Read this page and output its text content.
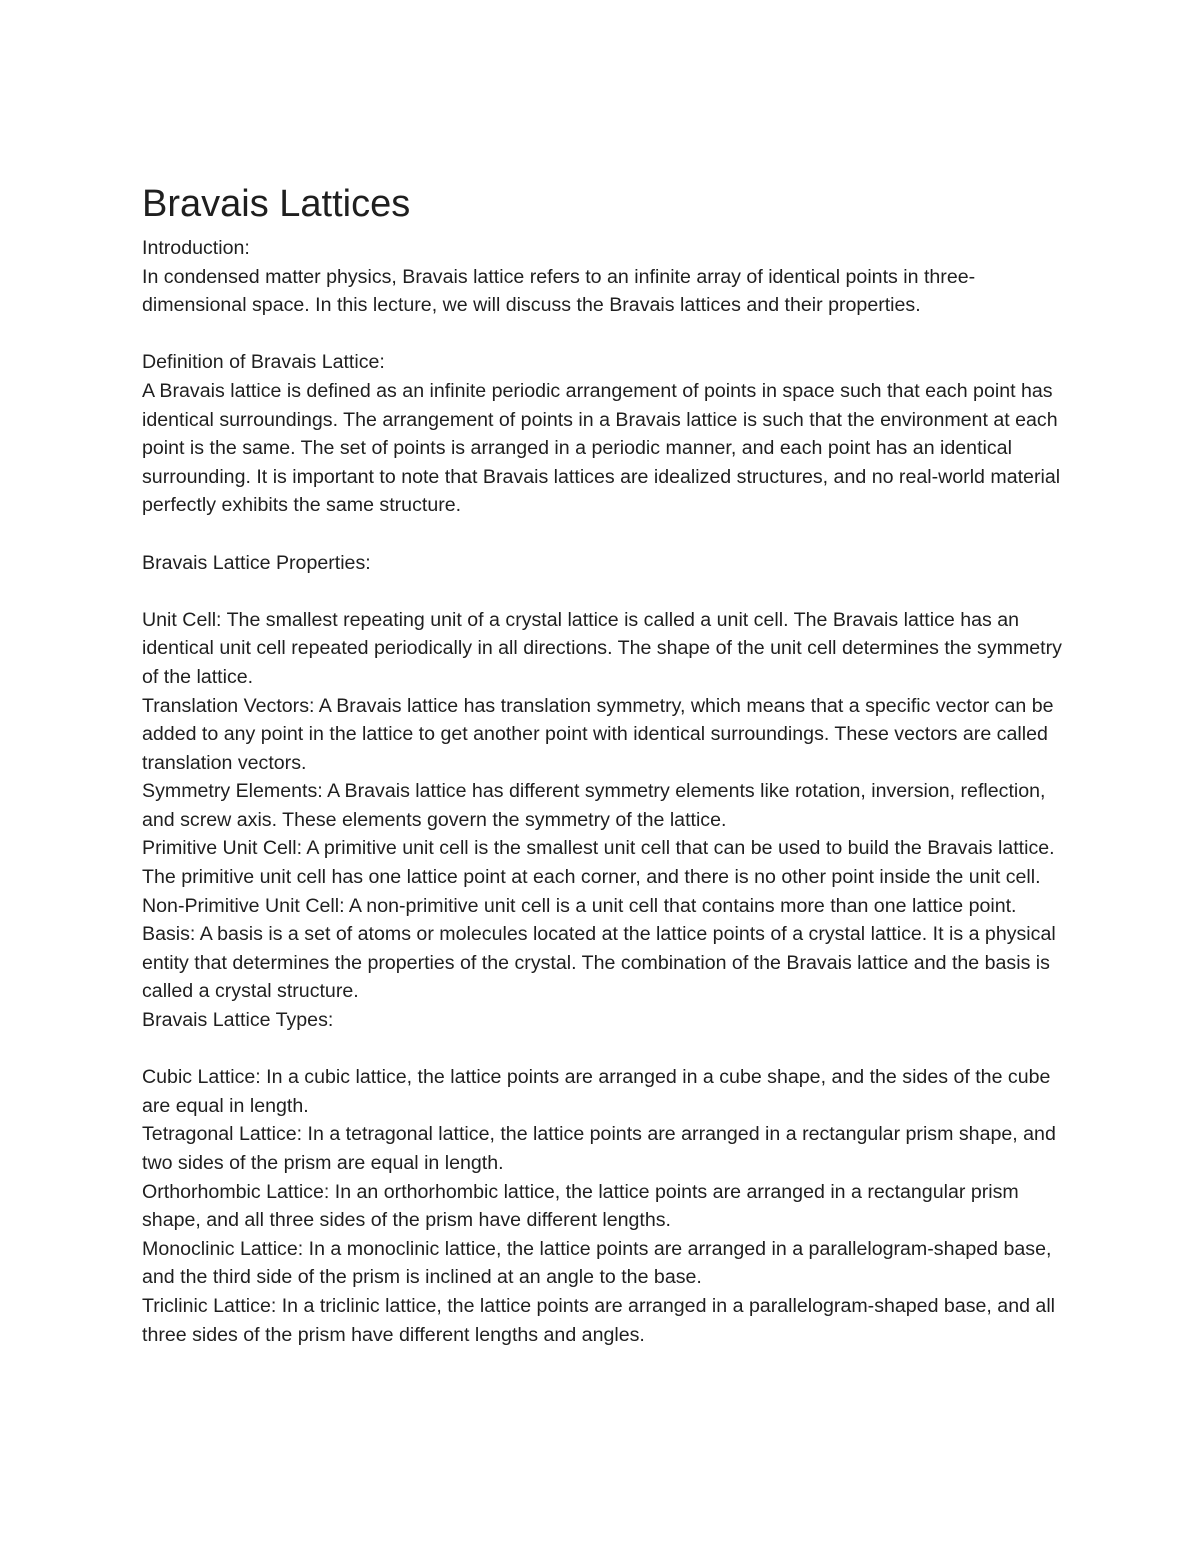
Bravais Lattices

Introduction:

In condensed matter physics, Bravais lattice refers to an infinite array of identical points in three-dimensional space. In this lecture, we will discuss the Bravais lattices and their properties.

Definition of Bravais Lattice:

A Bravais lattice is defined as an infinite periodic arrangement of points in space such that each point has identical surroundings. The arrangement of points in a Bravais lattice is such that the environment at each point is the same. The set of points is arranged in a periodic manner, and each point has an identical surrounding. It is important to note that Bravais lattices are idealized structures, and no real-world material perfectly exhibits the same structure.

Bravais Lattice Properties:

Unit Cell: The smallest repeating unit of a crystal lattice is called a unit cell. The Bravais lattice has an identical unit cell repeated periodically in all directions. The shape of the unit cell determines the symmetry of the lattice.

Translation Vectors: A Bravais lattice has translation symmetry, which means that a specific vector can be added to any point in the lattice to get another point with identical surroundings. These vectors are called translation vectors.

Symmetry Elements: A Bravais lattice has different symmetry elements like rotation, inversion, reflection, and screw axis. These elements govern the symmetry of the lattice.

Primitive Unit Cell: A primitive unit cell is the smallest unit cell that can be used to build the Bravais lattice. The primitive unit cell has one lattice point at each corner, and there is no other point inside the unit cell.

Non-Primitive Unit Cell: A non-primitive unit cell is a unit cell that contains more than one lattice point.

Basis: A basis is a set of atoms or molecules located at the lattice points of a crystal lattice. It is a physical entity that determines the properties of the crystal. The combination of the Bravais lattice and the basis is called a crystal structure.

Bravais Lattice Types:

Cubic Lattice: In a cubic lattice, the lattice points are arranged in a cube shape, and the sides of the cube are equal in length.

Tetragonal Lattice: In a tetragonal lattice, the lattice points are arranged in a rectangular prism shape, and two sides of the prism are equal in length.

Orthorhombic Lattice: In an orthorhombic lattice, the lattice points are arranged in a rectangular prism shape, and all three sides of the prism have different lengths.

Monoclinic Lattice: In a monoclinic lattice, the lattice points are arranged in a parallelogram-shaped base, and the third side of the prism is inclined at an angle to the base.

Triclinic Lattice: In a triclinic lattice, the lattice points are arranged in a parallelogram-shaped base, and all three sides of the prism have different lengths and angles.
